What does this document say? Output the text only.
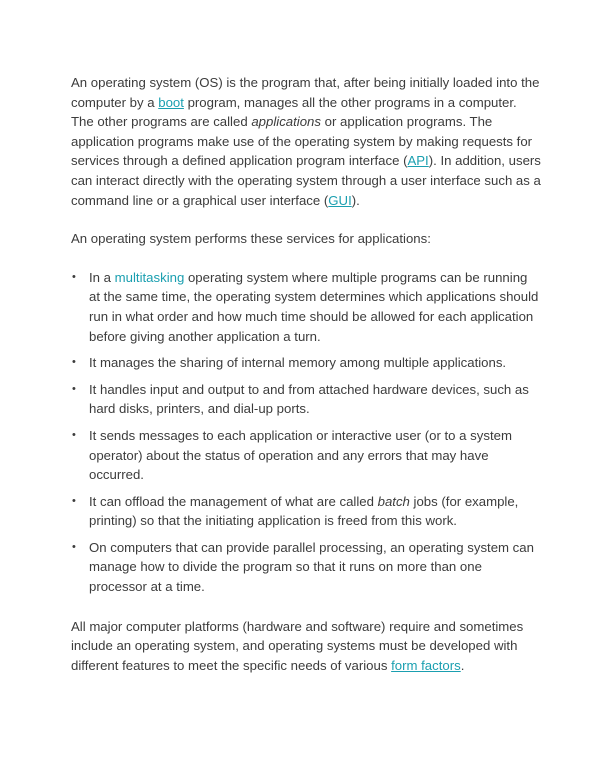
An operating system (OS) is the program that, after being initially loaded into the computer by a boot program, manages all the other programs in a computer. The other programs are called applications or application programs. The application programs make use of the operating system by making requests for services through a defined application program interface (API). In addition, users can interact directly with the operating system through a user interface such as a command line or a graphical user interface (GUI).

An operating system performs these services for applications:

• In a multitasking operating system where multiple programs can be running at the same time, the operating system determines which applications should run in what order and how much time should be allowed for each application before giving another application a turn.
• It manages the sharing of internal memory among multiple applications.
• It handles input and output to and from attached hardware devices, such as hard disks, printers, and dial-up ports.
• It sends messages to each application or interactive user (or to a system operator) about the status of operation and any errors that may have occurred.
• It can offload the management of what are called batch jobs (for example, printing) so that the initiating application is freed from this work.
• On computers that can provide parallel processing, an operating system can manage how to divide the program so that it runs on more than one processor at a time.

All major computer platforms (hardware and software) require and sometimes include an operating system, and operating systems must be developed with different features to meet the specific needs of various form factors.
